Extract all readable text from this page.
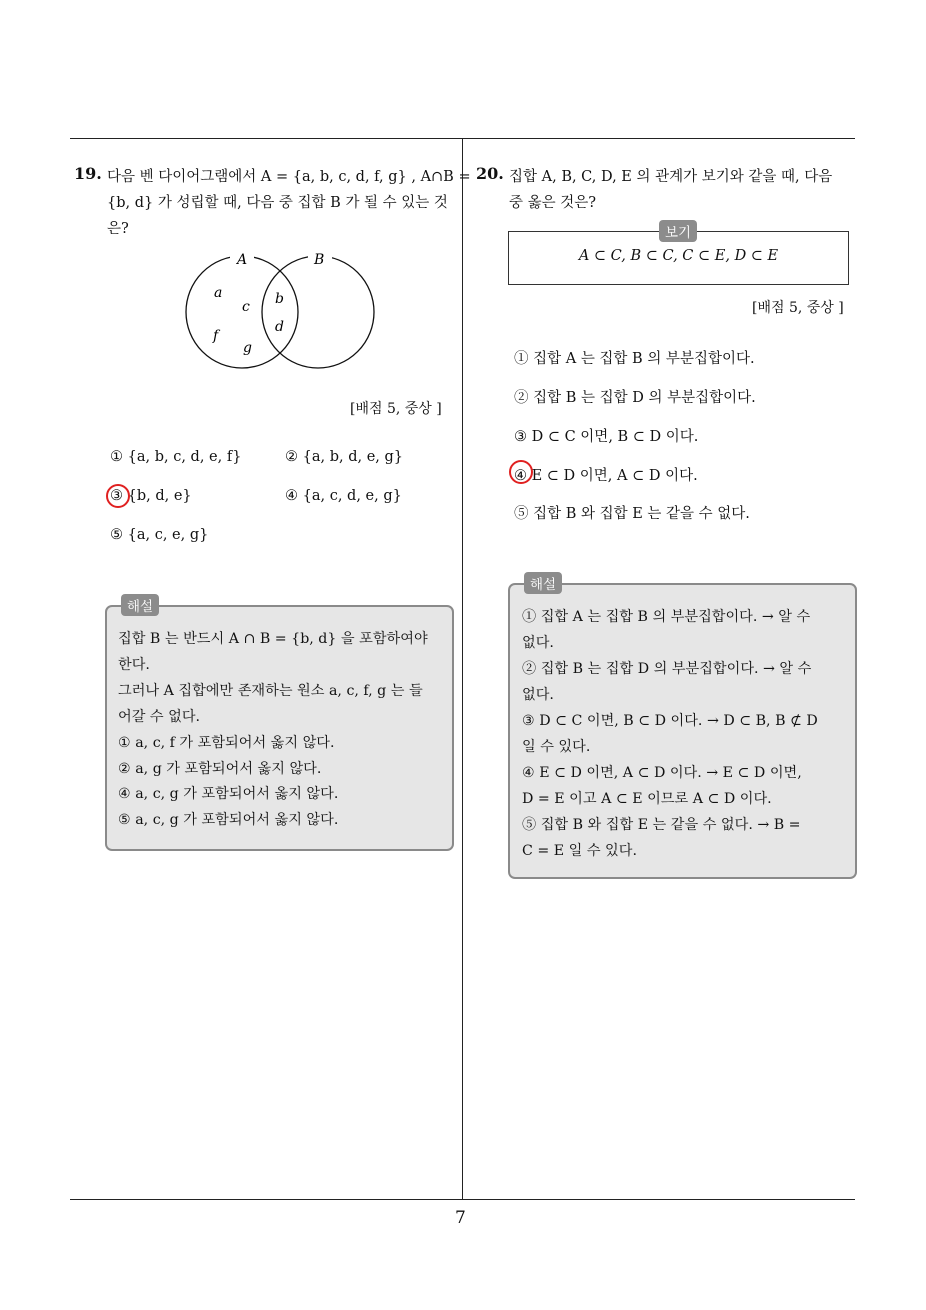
7
19. 다음 벤 다이어그램에서 A = {a, b, c, d, f, g} , A∩B =
{b, d} 가 성립할 때, 다음 중 집합 B 가 될 수 있는 것
은?
A	B
a
c
f
g
b
d
[배점 5, 중상 ]
① {a, b, c, d, e, f}	② {a, b, d, e, g}
③ {b, d, e}	④ {a, c, d, e, g}
⑤ {a, c, e, g}
해설
집합 B 는 반드시 A ∩ B = {b, d} 을 포함하여야
한다.
그러나 A 집합에만 존재하는 원소 a, c, f, g 는 들
어갈 수 없다.
① a, c, f 가 포함되어서 옳지 않다.
② a, g 가 포함되어서 옳지 않다.
④ a, c, g 가 포함되어서 옳지 않다.
⑤ a, c, g 가 포함되어서 옳지 않다.
20. 집합 A, B, C, D, E 의 관계가 보기와 같을 때, 다음
중 옳은 것은?
보기
A ⊂ C, B ⊂ C, C ⊂ E, D ⊂ E
[배점 5, 중상 ]
① 집합 A 는 집합 B 의 부분집합이다.
② 집합 B 는 집합 D 의 부분집합이다.
③ D ⊂ C 이면, B ⊂ D 이다.
④ E ⊂ D 이면, A ⊂ D 이다.
⑤ 집합 B 와 집합 E 는 같을 수 없다.
해설
① 집합 A 는 집합 B 의 부분집합이다. → 알 수
없다.
② 집합 B 는 집합 D 의 부분집합이다. → 알 수
없다.
③ D ⊂ C 이면, B ⊂ D 이다. → D ⊂ B, B ⊄ D
일 수 있다.
④ E ⊂ D 이면, A ⊂ D 이다. → E ⊂ D 이면,
D = E 이고 A ⊂ E 이므로 A ⊂ D 이다.
⑤ 집합 B 와 집합 E 는 같을 수 없다. → B =
C = E 일 수 있다.
